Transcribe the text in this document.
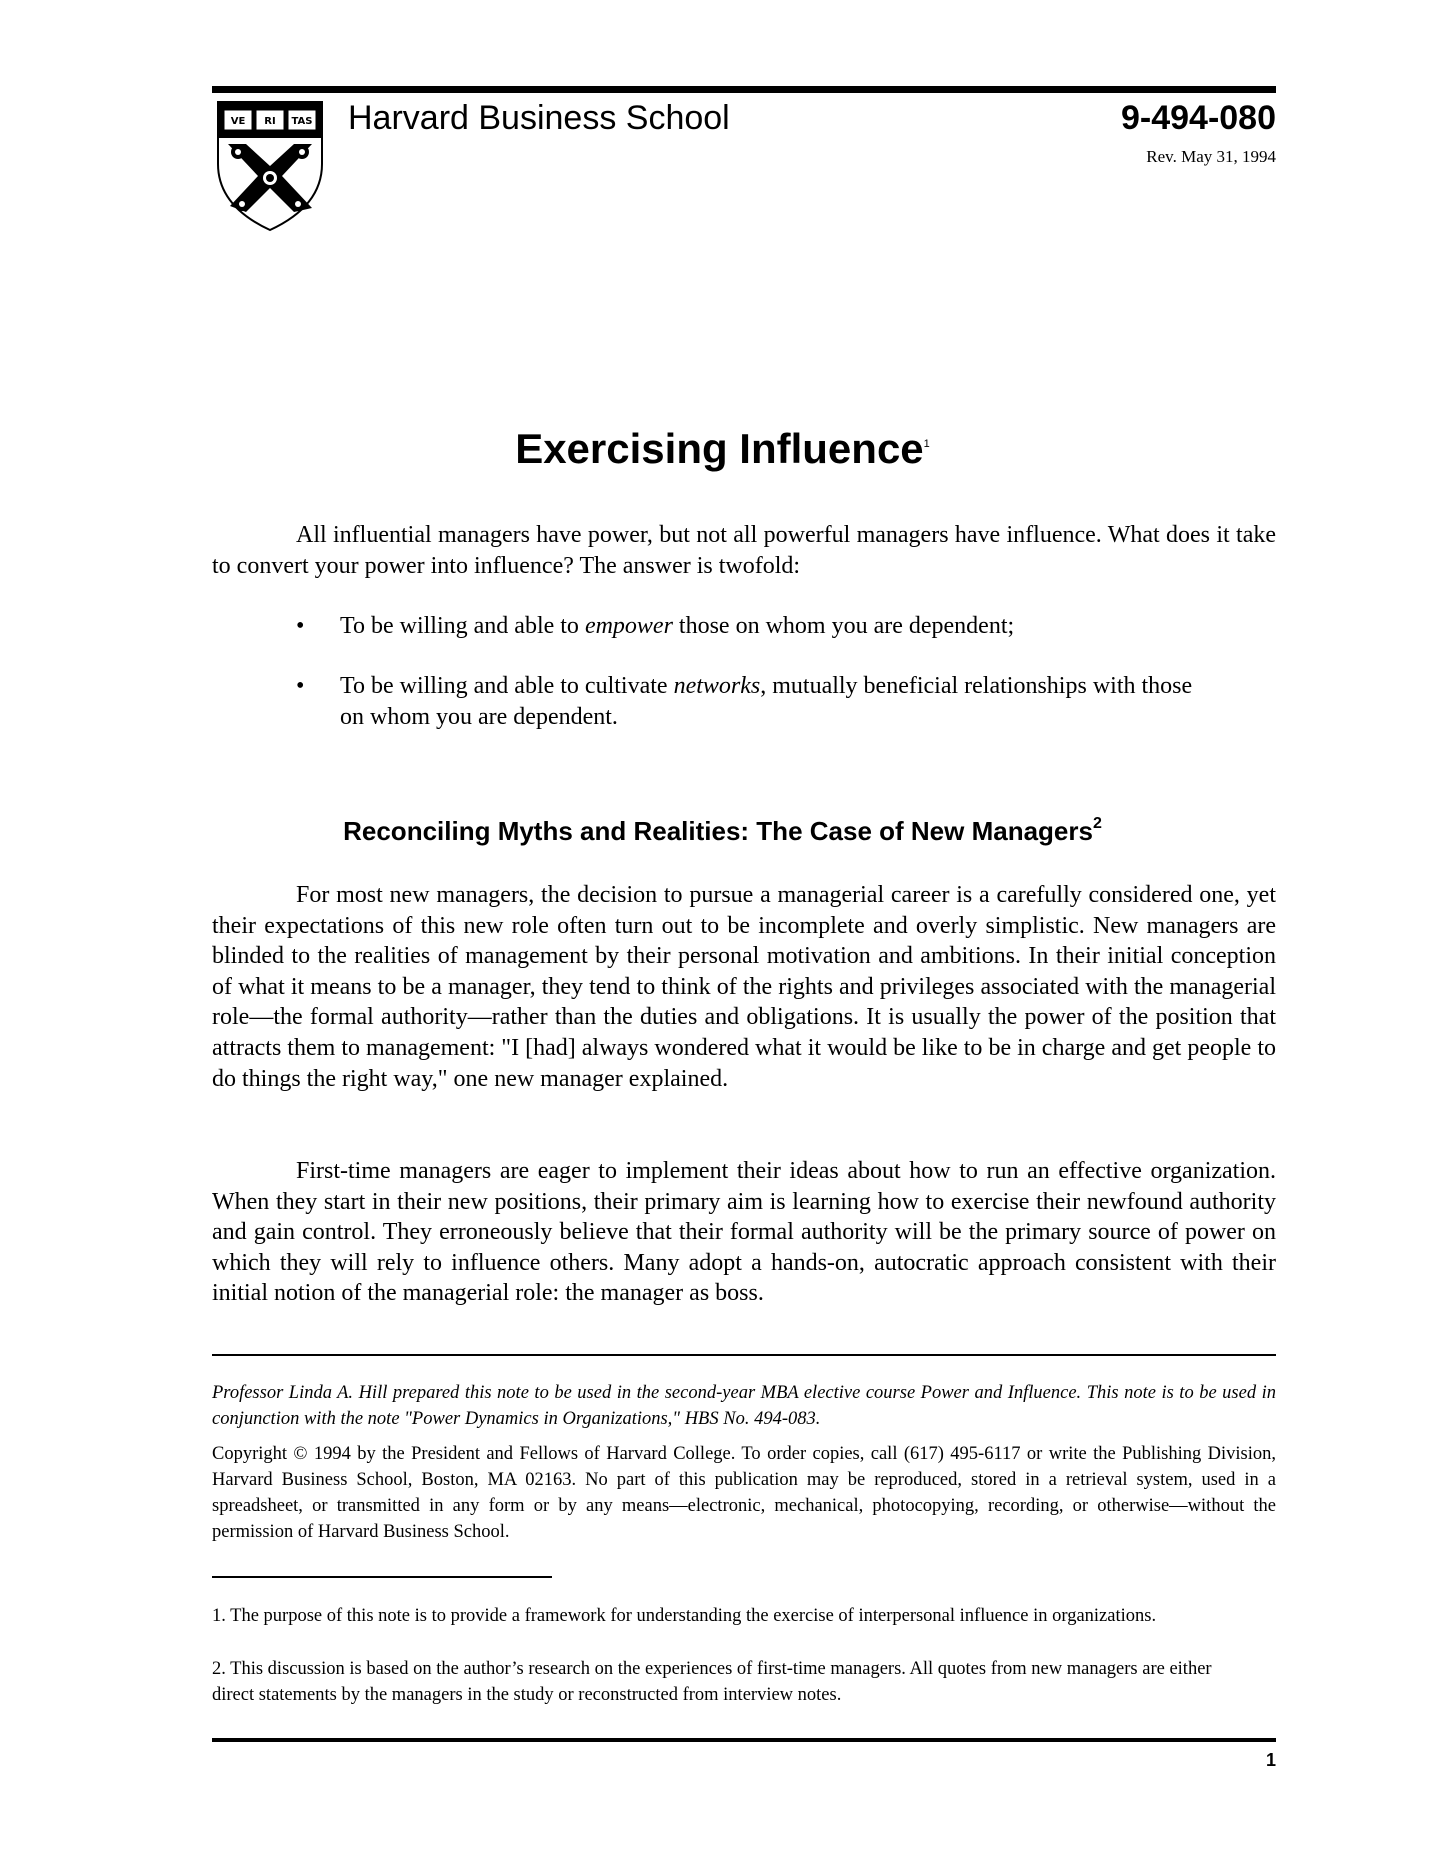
VE RI TAS Harvard Business School	9-494-080
Rev. May 31, 1994
Exercising Influence$^1$

All influential managers have power, but not all powerful managers have influence. What does it take to convert your power into influence? The answer is twofold:

• To be willing and able to empower those on whom you are dependent;

• To be willing and able to cultivate networks, mutually beneficial relationships with those on whom you are dependent.

Reconciling Myths and Realities: The Case of New Managers$^2$

For most new managers, the decision to pursue a managerial career is a carefully considered one, yet their expectations of this new role often turn out to be incomplete and overly simplistic. New managers are blinded to the realities of management by their personal motivation and ambitions. In their initial conception of what it means to be a manager, they tend to think of the rights and privileges associated with the managerial role—the formal authority—rather than the duties and obligations. It is usually the power of the position that attracts them to management: "I [had] always wondered what it would be like to be in charge and get people to do things the right way," one new manager explained.

First-time managers are eager to implement their ideas about how to run an effective organization. When they start in their new positions, their primary aim is learning how to exercise their newfound authority and gain control. They erroneously believe that their formal authority will be the primary source of power on which they will rely to influence others. Many adopt a hands-on, autocratic approach consistent with their initial notion of the managerial role: the manager as boss.

Professor Linda A. Hill prepared this note to be used in the second-year MBA elective course Power and Influence. This note is to be used in conjunction with the note "Power Dynamics in Organizations," HBS No. 494-083.

Copyright © 1994 by the President and Fellows of Harvard College. To order copies, call (617) 495-6117 or write the Publishing Division, Harvard Business School, Boston, MA 02163. No part of this publication may be reproduced, stored in a retrieval system, used in a spreadsheet, or transmitted in any form or by any means—electronic, mechanical, photocopying, recording, or otherwise—without the permission of Harvard Business School.

1. The purpose of this note is to provide a framework for understanding the exercise of interpersonal influence in organizations.

2. This discussion is based on the author’s research on the experiences of first-time managers. All quotes from new managers are either direct statements by the managers in the study or reconstructed from interview notes.

1
